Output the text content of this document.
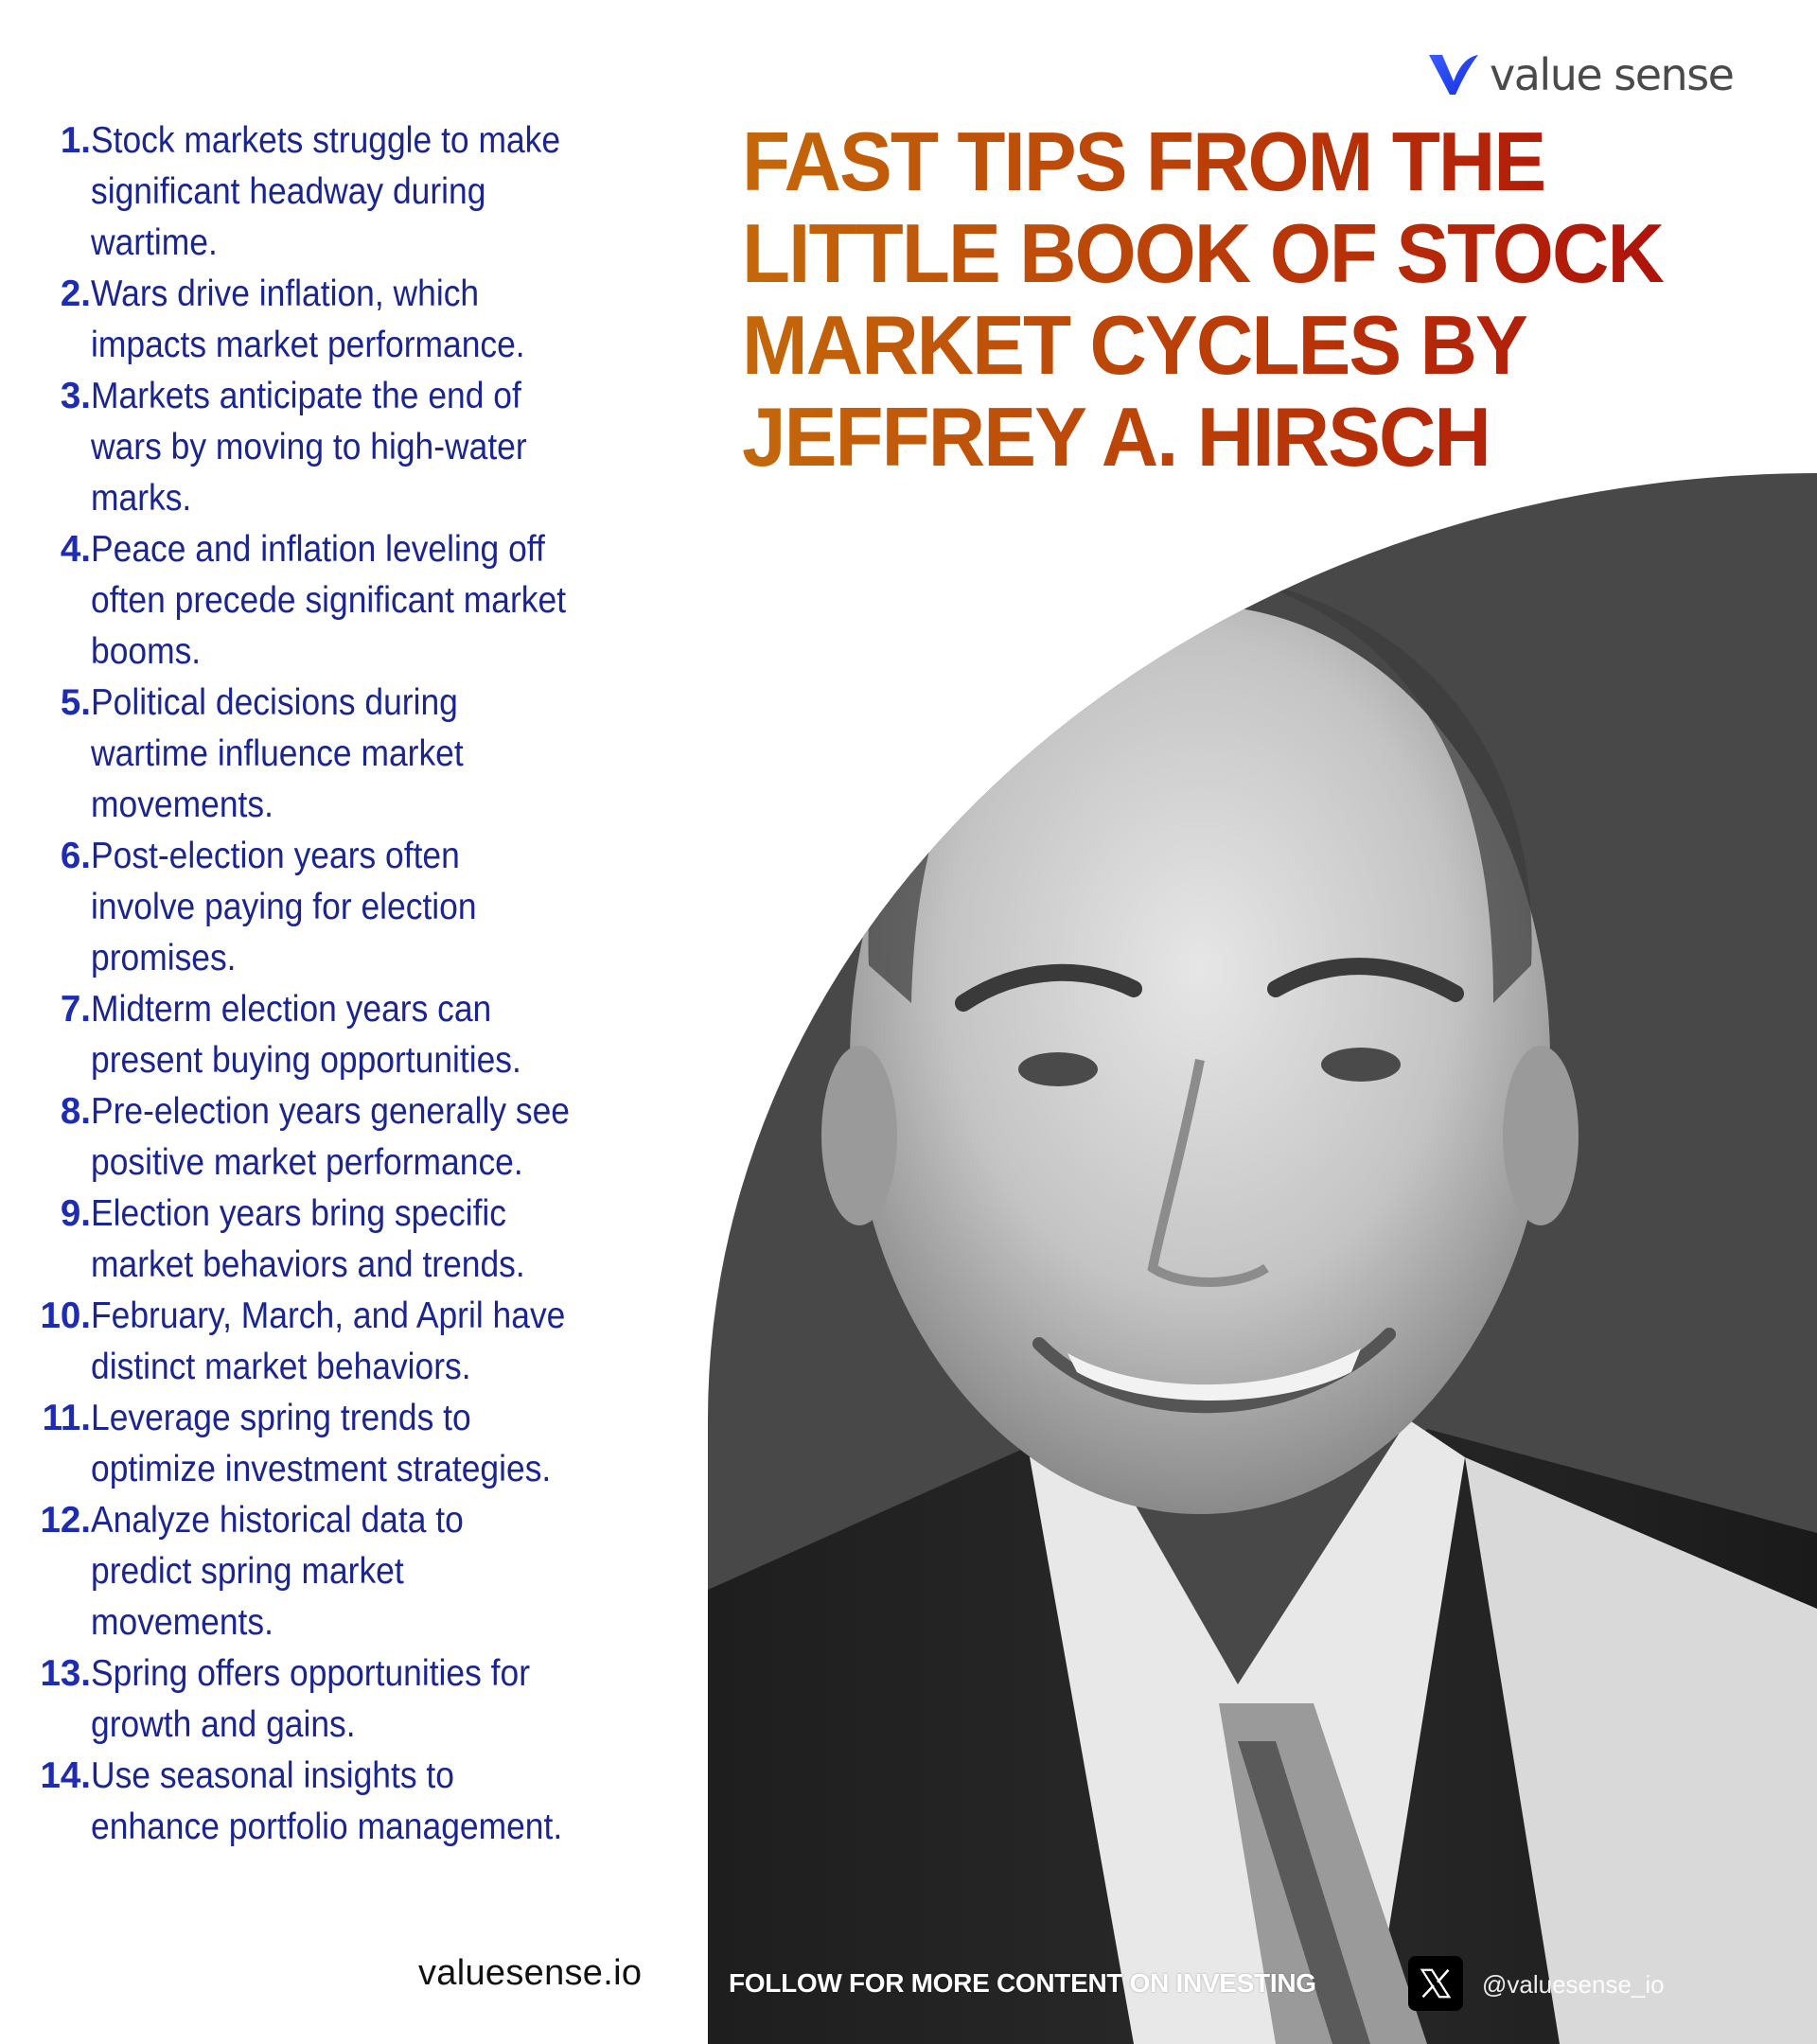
value sense
1. Stock markets struggle to make
significant headway during
wartime.
2. Wars drive inflation, which
impacts market performance.
3. Markets anticipate the end of
wars by moving to high-water
marks.
4. Peace and inflation leveling off
often precede significant market
booms.
5. Political decisions during
wartime influence market
movements.
6. Post-election years often
involve paying for election
promises.
7. Midterm election years can
present buying opportunities.
8. Pre-election years generally see
positive market performance.
9. Election years bring specific
market behaviors and trends.
10. February, March, and April have
distinct market behaviors.
11. Leverage spring trends to
optimize investment strategies.
12. Analyze historical data to
predict spring market
movements.
13. Spring offers opportunities for
growth and gains.
14. Use seasonal insights to
enhance portfolio management.
FAST TIPS FROM THE
LITTLE BOOK OF STOCK
MARKET CYCLES BY
JEFFREY A. HIRSCH
valuesense.io	FOLLOW FOR MORE CONTENT ON INVESTING	@valuesense_io
